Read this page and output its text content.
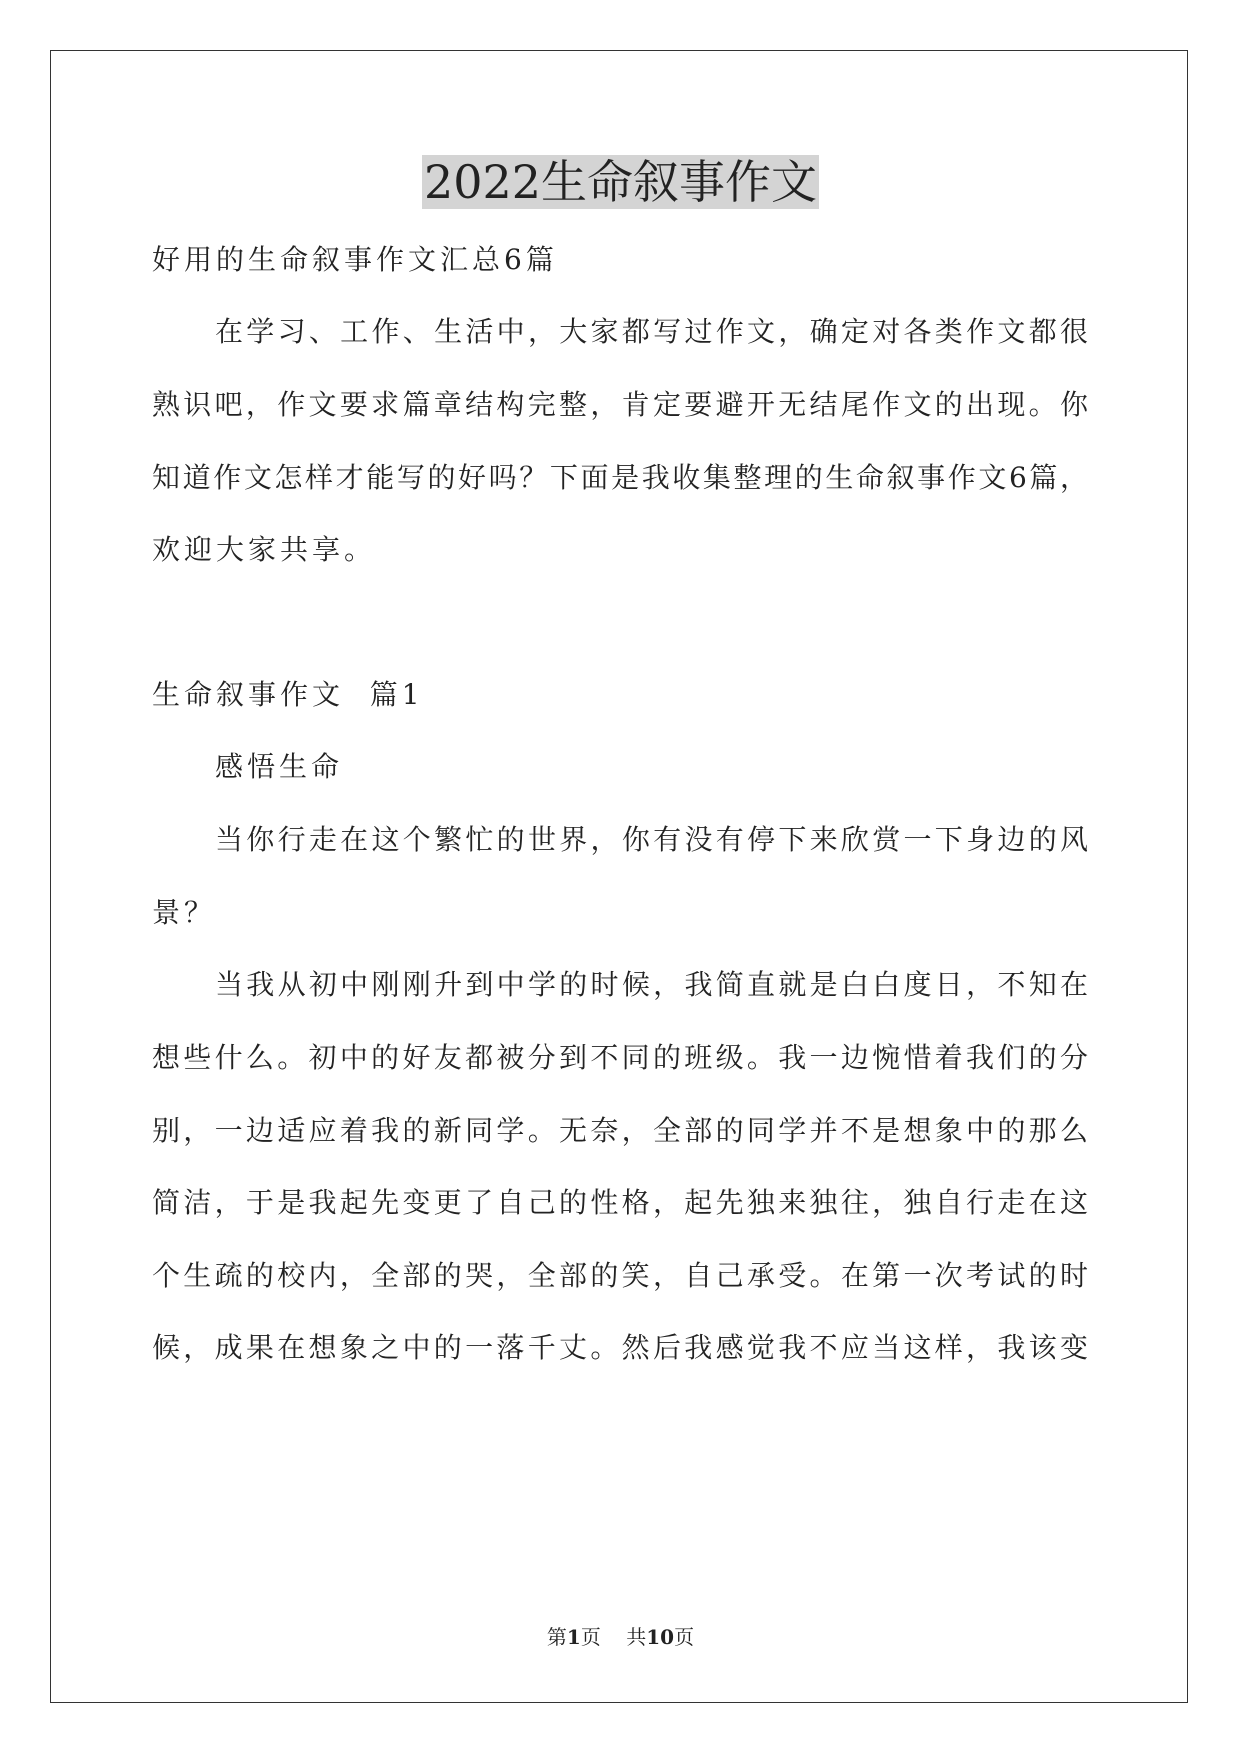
2022生命叙事作文
好用的生命叙事作文汇总6篇
在学习、工作、生活中，大家都写过作文，确定对各类作文都很
熟识吧，作文要求篇章结构完整，肯定要避开无结尾作文的出现。你
知道作文怎样才能写的好吗？下面是我收集整理的生命叙事作文6篇，
欢迎大家共享。
生命叙事作文  篇1
感悟生命
当你行走在这个繁忙的世界，你有没有停下来欣赏一下身边的风
景？
当我从初中刚刚升到中学的时候，我简直就是白白度日，不知在
想些什么。初中的好友都被分到不同的班级。我一边惋惜着我们的分
别，一边适应着我的新同学。无奈，全部的同学并不是想象中的那么
简洁，于是我起先变更了自己的性格，起先独来独往，独自行走在这
个生疏的校内，全部的哭，全部的笑，自己承受。在第一次考试的时
候，成果在想象之中的一落千丈。然后我感觉我不应当这样，我该变
第1页    共10页
